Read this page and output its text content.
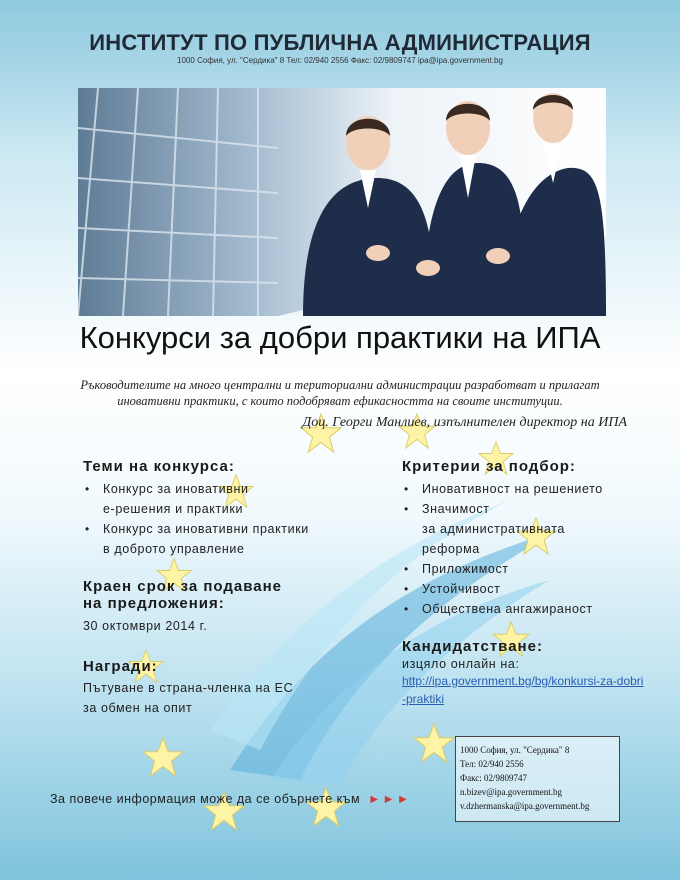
ИНСТИТУТ ПО ПУБЛИЧНА АДМИНИСТРАЦИЯ
1000 София, ул. "Сердика" 8 Тел: 02/940 2556 Факс: 02/9809747 ipa@ipa.government.bg
Конкурси за добри практики на ИПА
Ръководителите на много централни и териториални администрации разработват и прилагат
иновативни практики, с които подобряват ефикасността на своите институции.
Доц. Георги Манлиев, изпълнителен директор на ИПА
Теми на конкурса:
• Конкурс за иновативни
е-решения и практики
• Конкурс за иновативни практики
в доброто управление
Краен срок за подаване
на предложения:
30 октомври 2014 г.
Награди:
Пътуване в страна-членка на ЕС
за обмен на опит
Критерии за подбор:
• Иновативност на решението
• Значимост
за административната
реформа
• Приложимост
• Устойчивост
• Обществена ангажираност
Кандидатстване:
изцяло онлайн на:
http://ipa.government.bg/bg/konkursi-za-dobri
-praktiki
За повече информация може да се обърнете към ►►►
1000 София, ул. "Сердика" 8
Тел: 02/940 2556
Факс: 02/9809747
n.bizev@ipa.government.bg
v.dzhermanska@ipa.government.bg
